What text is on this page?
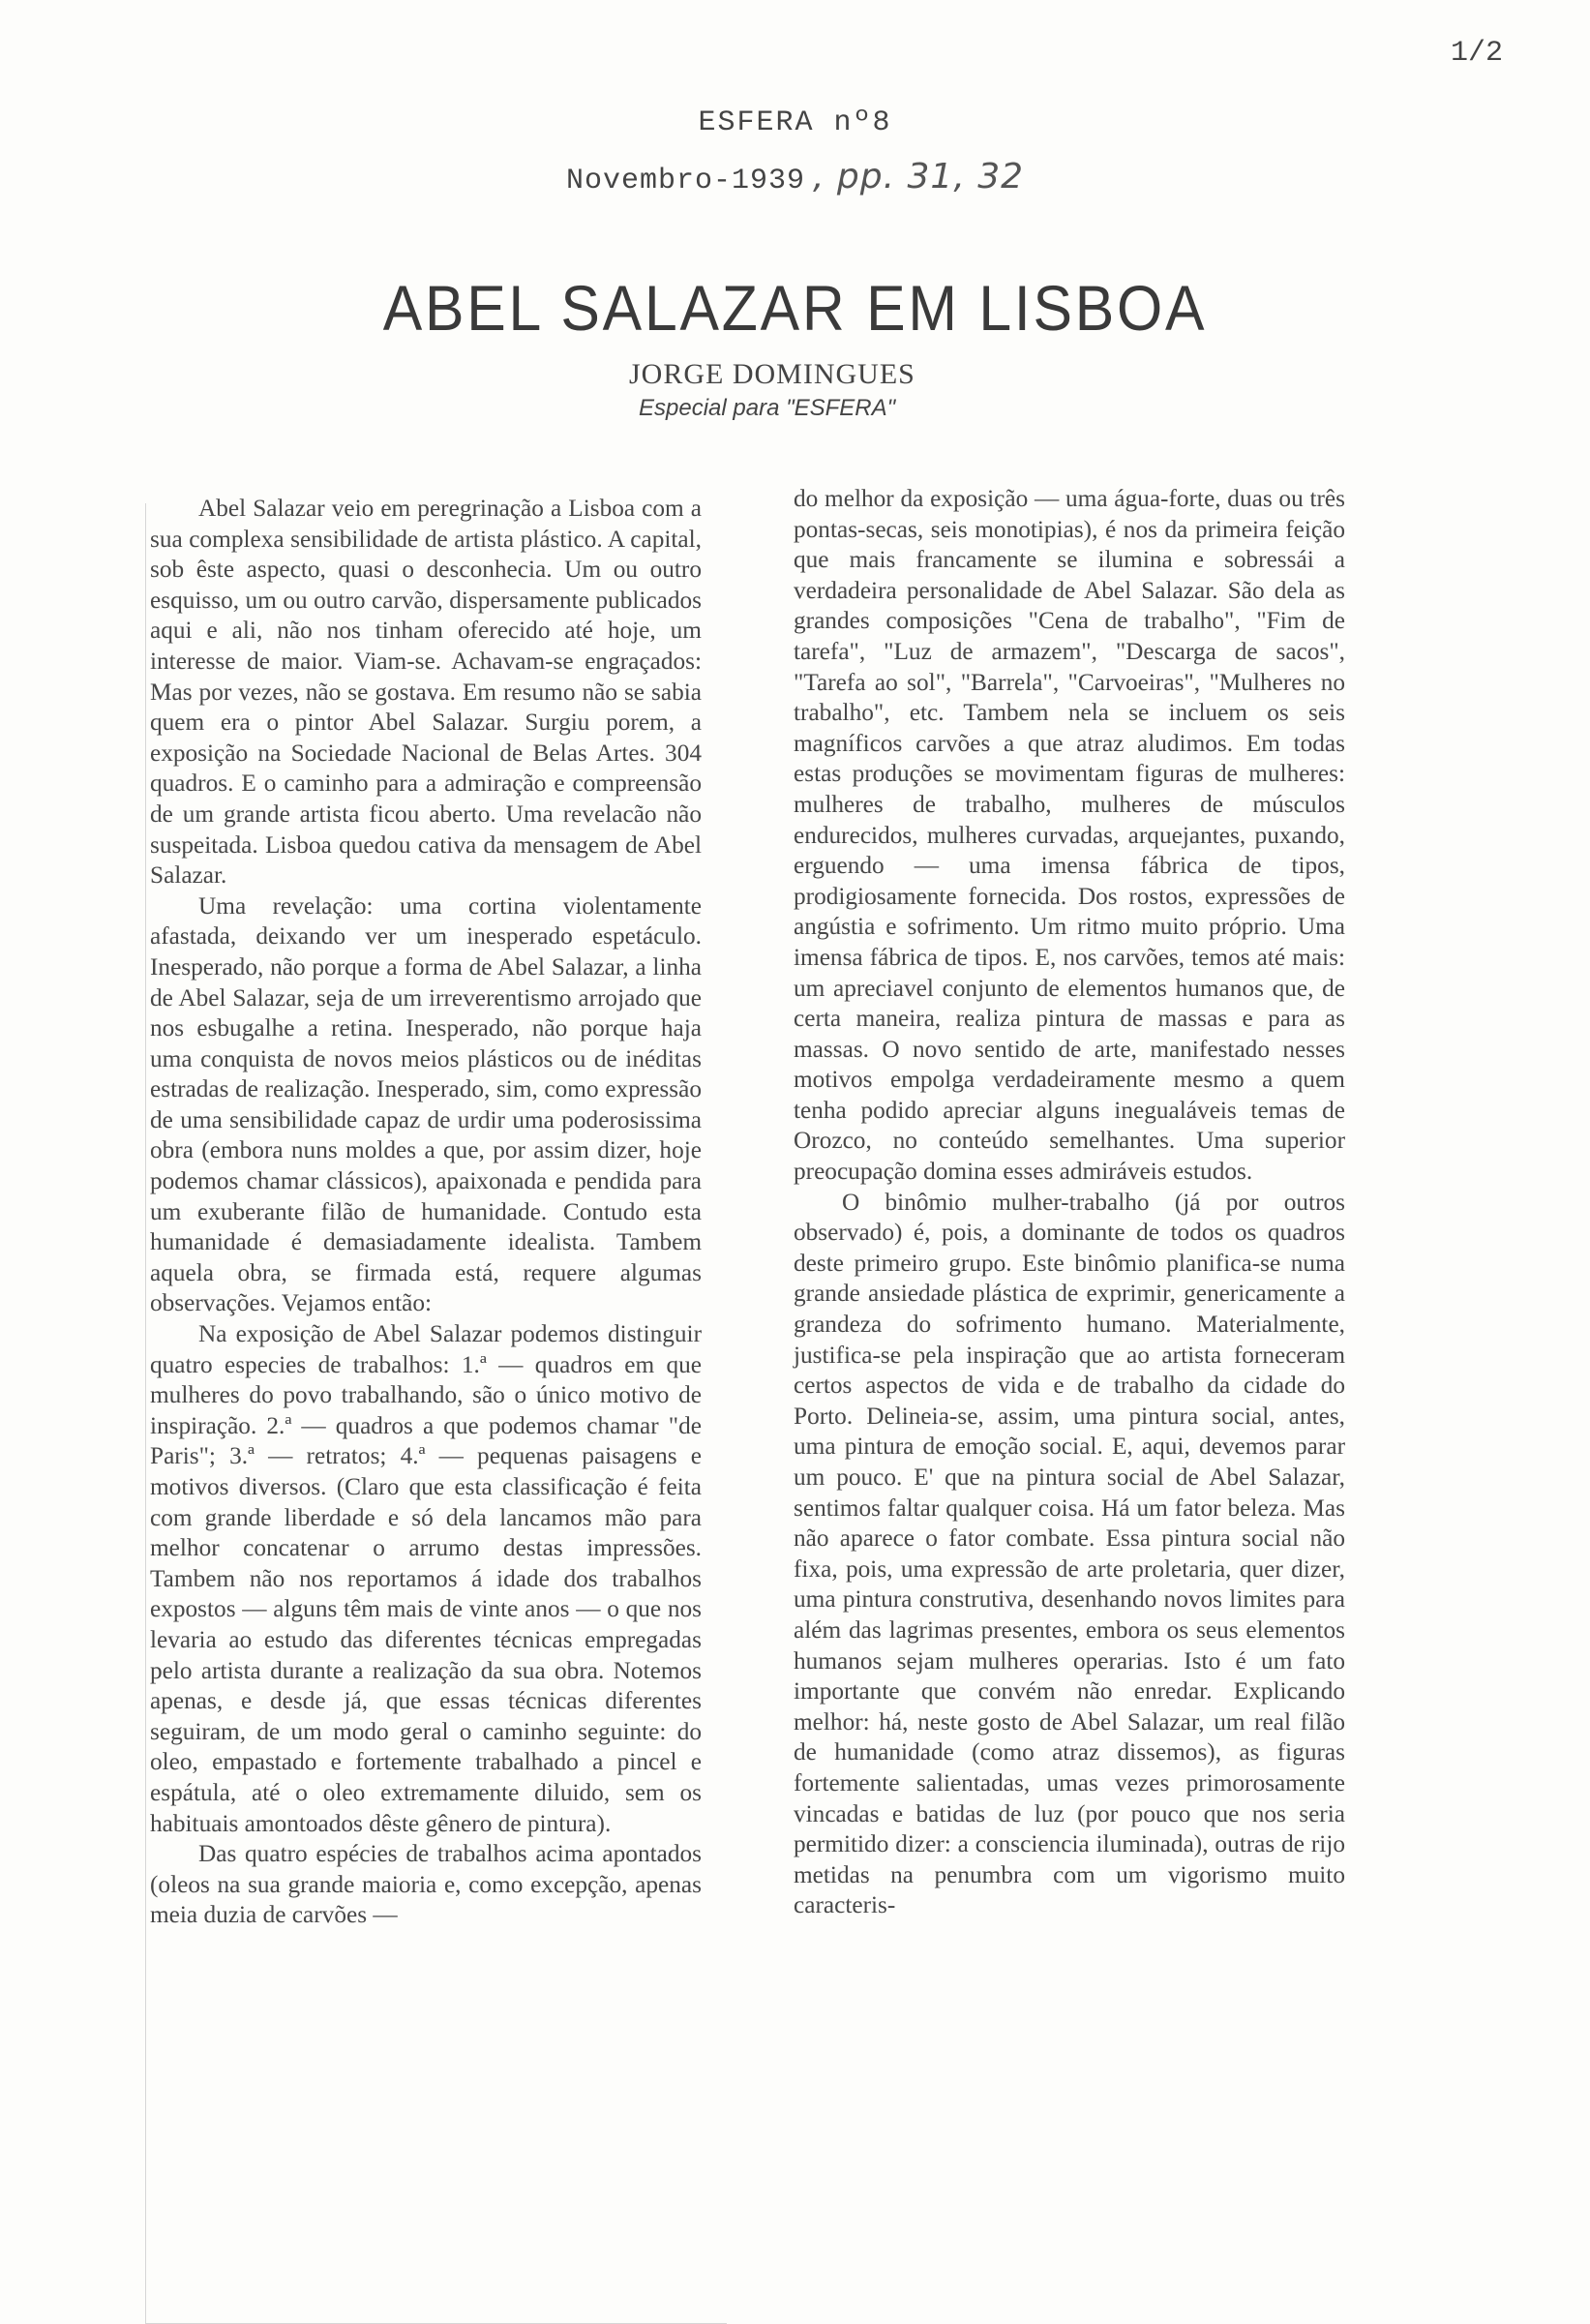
1/2
ESFERA nº8
Novembro-1939 , pp. 31, 32
ABEL SALAZAR EM LISBOA
JORGE DOMINGUES
Especial para "ESFERA"

Abel Salazar veio em peregrinação a Lisboa com a sua complexa sensibilidade de artista plástico. A capital, sob êste aspecto, quasi o desconhecia. Um ou outro esquisso, um ou outro carvão, dispersamente publicados aqui e ali, não nos tinham oferecido até hoje, um interesse de maior. Viam-se. Achavam-se engraçados: Mas por vezes, não se gostava. Em resumo não se sabia quem era o pintor Abel Salazar. Surgiu porem, a exposição na Sociedade Nacional de Belas Artes. 304 quadros. E o caminho para a admiração e compreensão de um grande artista ficou aberto. Uma revelacão não suspeitada. Lisboa quedou cativa da mensagem de Abel Salazar.

Uma revelação: uma cortina violentamente afastada, deixando ver um inesperado espetáculo. Inesperado, não porque a forma de Abel Salazar, a linha de Abel Salazar, seja de um irreverentismo arrojado que nos esbugalhe a retina. Inesperado, não porque haja uma conquista de novos meios plásticos ou de inéditas estradas de realização. Inesperado, sim, como expressão de uma sensibilidade capaz de urdir uma poderosissima obra (embora nuns moldes a que, por assim dizer, hoje podemos chamar clássicos), apaixonada e pendida para um exuberante filão de humanidade. Contudo esta humanidade é demasiadamente idealista. Tambem aquela obra, se firmada está, requere algumas observações. Vejamos então:

Na exposição de Abel Salazar podemos distinguir quatro especies de trabalhos: 1.ª — quadros em que mulheres do povo trabalhando, são o único motivo de inspiração. 2.ª — quadros a que podemos chamar "de Paris"; 3.ª — retratos; 4.ª — pequenas paisagens e motivos diversos. (Claro que esta classificação é feita com grande liberdade e só dela lancamos mão para melhor concatenar o arrumo destas impressões. Tambem não nos reportamos á idade dos trabalhos expostos — alguns têm mais de vinte anos — o que nos levaria ao estudo das diferentes técnicas empregadas pelo artista durante a realização da sua obra. Notemos apenas, e desde já, que essas técnicas diferentes seguiram, de um modo geral o caminho seguinte: do oleo, empastado e fortemente trabalhado a pincel e espátula, até o oleo extremamente diluido, sem os habituais amontoados dêste gênero de pintura).

Das quatro espécies de trabalhos acima apontados (oleos na sua grande maioria e, como excepção, apenas meia duzia de carvões —

do melhor da exposição — uma água-forte, duas ou três pontas-secas, seis monotipias), é nos da primeira feição que mais francamente se ilumina e sobressái a verdadeira personalidade de Abel Salazar. São dela as grandes composições "Cena de trabalho", "Fim de tarefa", "Luz de armazem", "Descarga de sacos", "Tarefa ao sol", "Barrela", "Carvoeiras", "Mulheres no trabalho", etc. Tambem nela se incluem os seis magníficos carvões a que atraz aludimos. Em todas estas produções se movimentam figuras de mulheres: mulheres de trabalho, mulheres de músculos endurecidos, mulheres curvadas, arquejantes, puxando, erguendo — uma imensa fábrica de tipos, prodigiosamente fornecida. Dos rostos, expressões de angústia e sofrimento. Um ritmo muito próprio. Uma imensa fábrica de tipos. E, nos carvões, temos até mais: um apreciavel conjunto de elementos humanos que, de certa maneira, realiza pintura de massas e para as massas. O novo sentido de arte, manifestado nesses motivos empolga verdadeiramente mesmo a quem tenha podido apreciar alguns inegualáveis temas de Orozco, no conteúdo semelhantes. Uma superior preocupação domina esses admiráveis estudos.

O binômio mulher-trabalho (já por outros observado) é, pois, a dominante de todos os quadros deste primeiro grupo. Este binômio planifica-se numa grande ansiedade plástica de exprimir, genericamente a grandeza do sofrimento humano. Materialmente, justifica-se pela inspiração que ao artista forneceram certos aspectos de vida e de trabalho da cidade do Porto. Delineia-se, assim, uma pintura social, antes, uma pintura de emoção social. E, aqui, devemos parar um pouco. E' que na pintura social de Abel Salazar, sentimos faltar qualquer coisa. Há um fator beleza. Mas não aparece o fator combate. Essa pintura social não fixa, pois, uma expressão de arte proletaria, quer dizer, uma pintura construtiva, desenhando novos limites para além das lagrimas presentes, embora os seus elementos humanos sejam mulheres operarias. Isto é um fato importante que convém não enredar. Explicando melhor: há, neste gosto de Abel Salazar, um real filão de humanidade (como atraz dissemos), as figuras fortemente salientadas, umas vezes primorosamente vincadas e batidas de luz (por pouco que nos seria permitido dizer: a consciencia iluminada), outras de rijo metidas na penumbra com um vigorismo muito caracteris-
